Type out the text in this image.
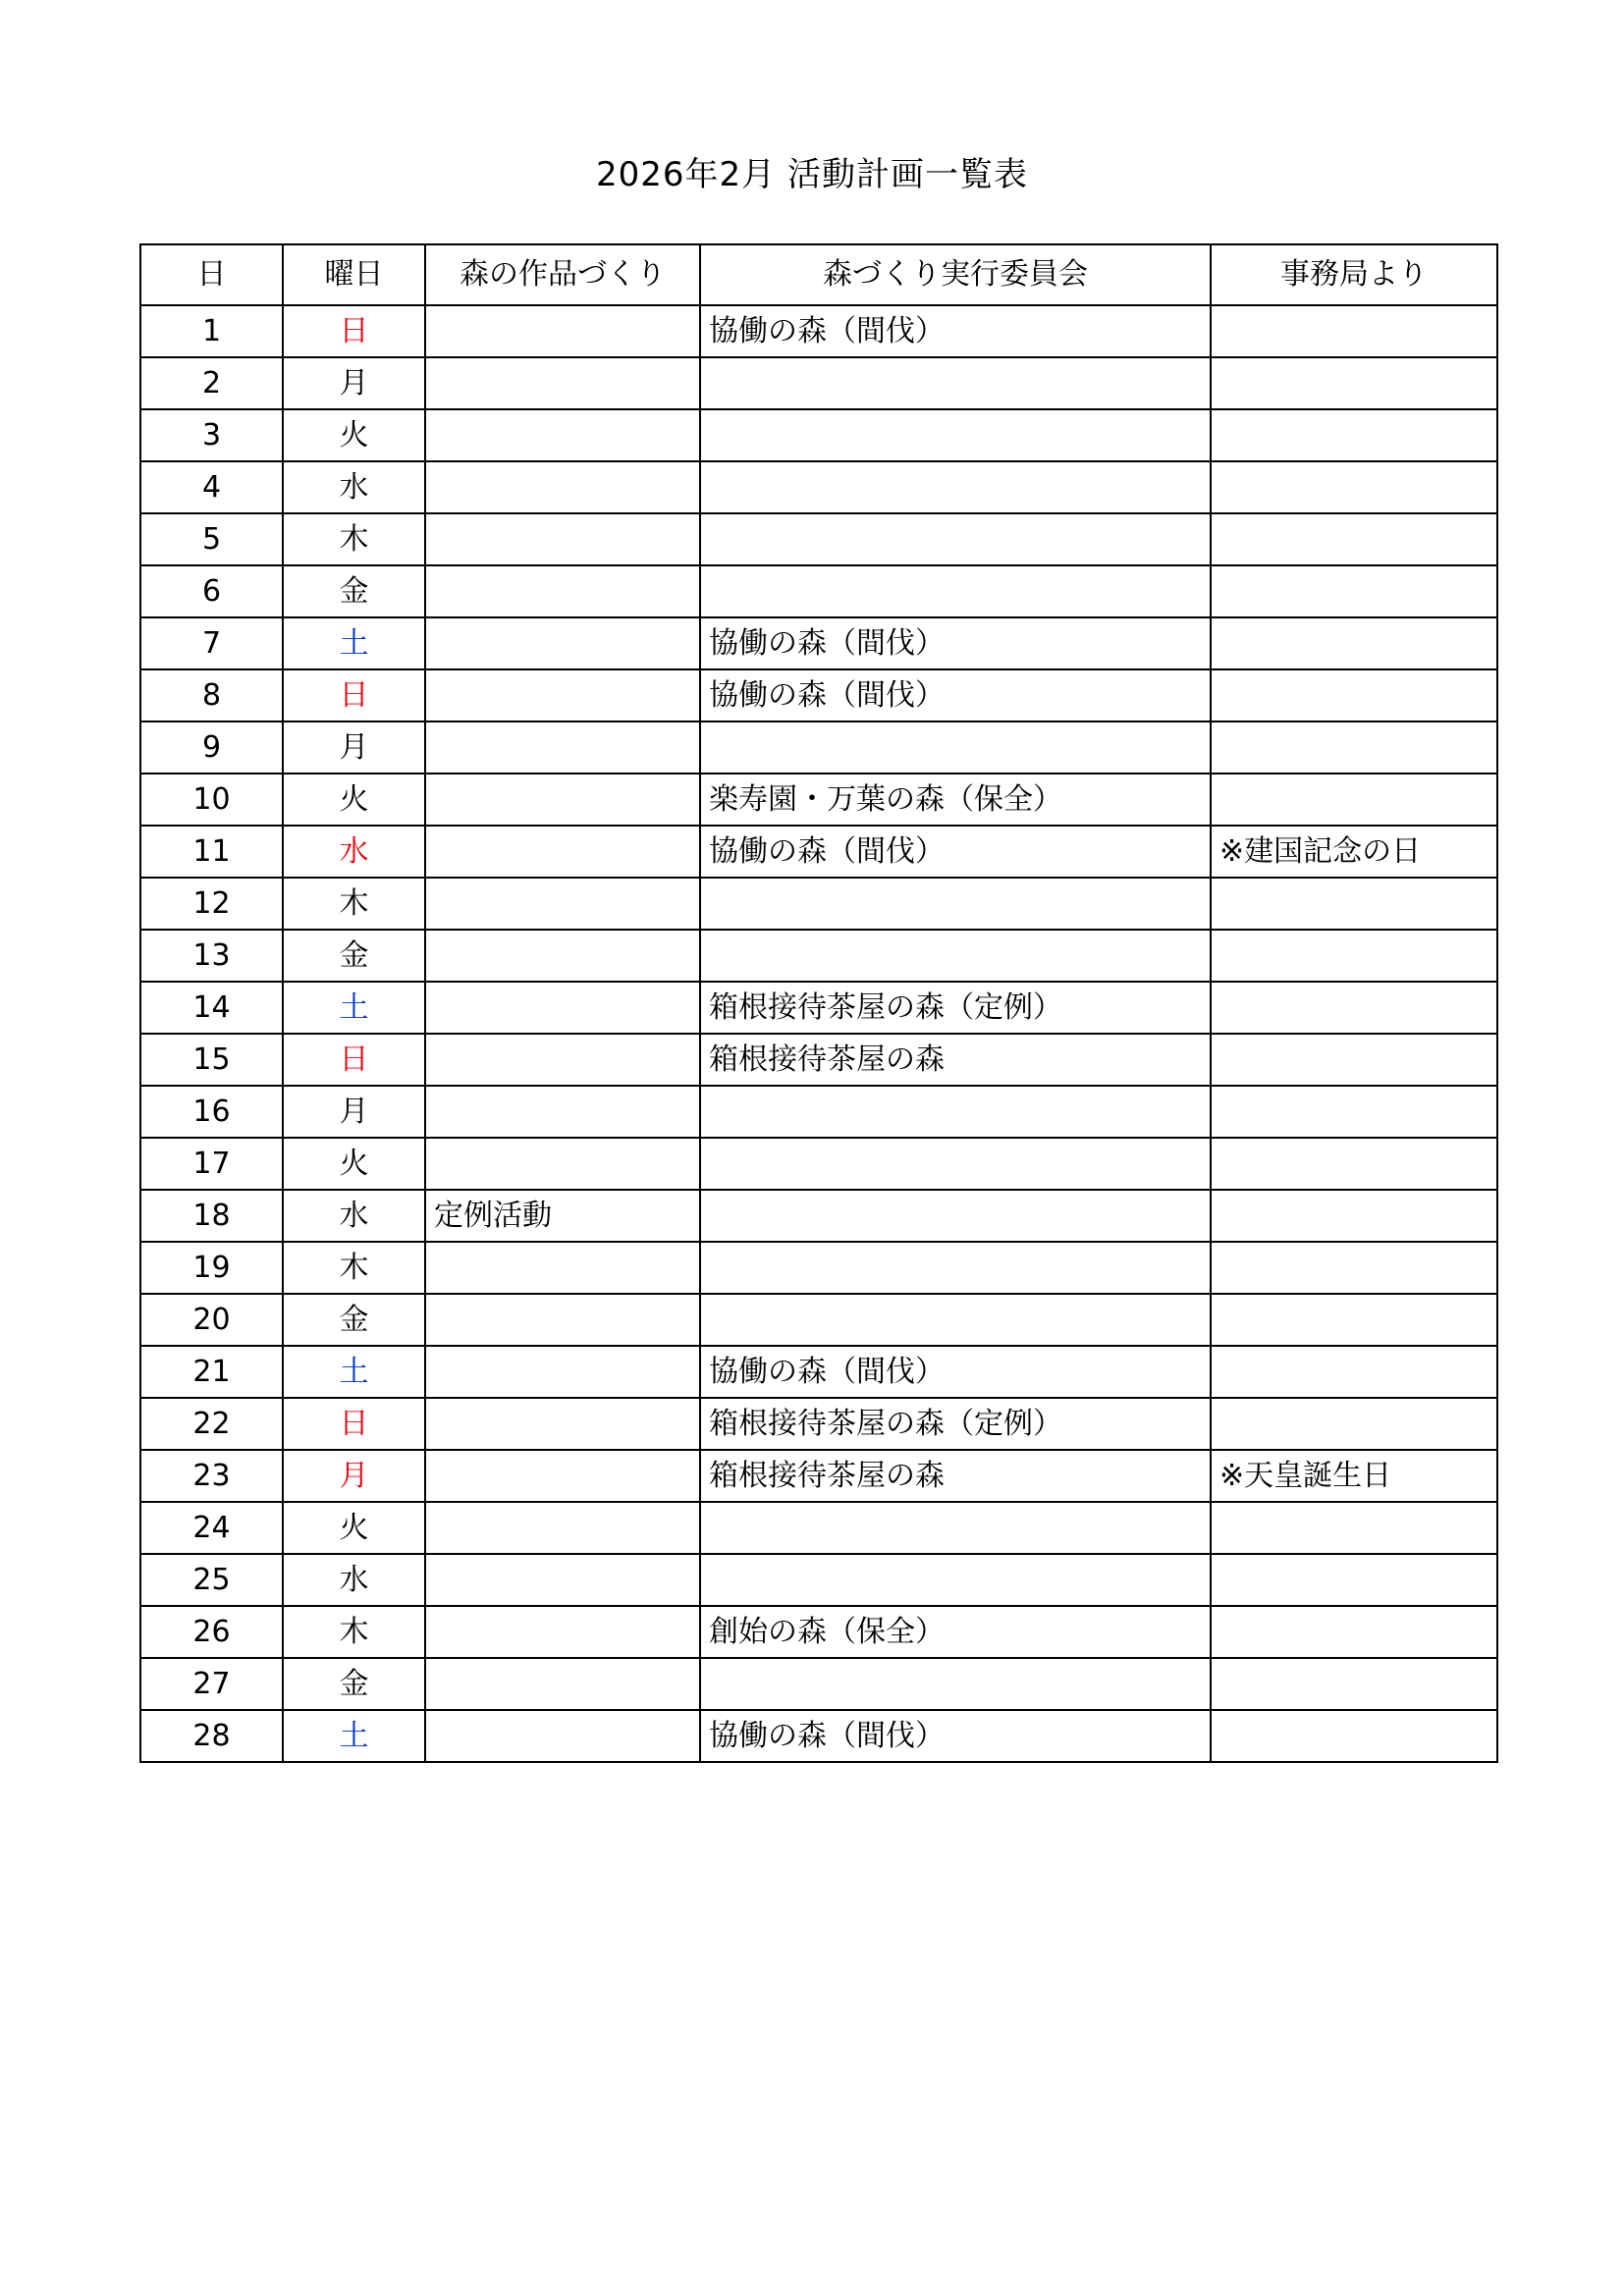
2026年2月 活動計画一覧表
日	曜日	森の作品づくり	森づくり実行委員会	事務局より
1	日		協働の森（間伐）	
2	月			
3	火			
4	水			
5	木			
6	金			
7	土		協働の森（間伐）	
8	日		協働の森（間伐）	
9	月			
10	火		楽寿園・万葉の森（保全）	
11	水		協働の森（間伐）	※建国記念の日
12	木			
13	金			
14	土		箱根接待茶屋の森（定例）	
15	日		箱根接待茶屋の森	
16	月			
17	火			
18	水	定例活動		
19	木			
20	金			
21	土		協働の森（間伐）	
22	日		箱根接待茶屋の森（定例）	
23	月		箱根接待茶屋の森	※天皇誕生日
24	火			
25	水			
26	木		創始の森（保全）	
27	金			
28	土		協働の森（間伐）	
